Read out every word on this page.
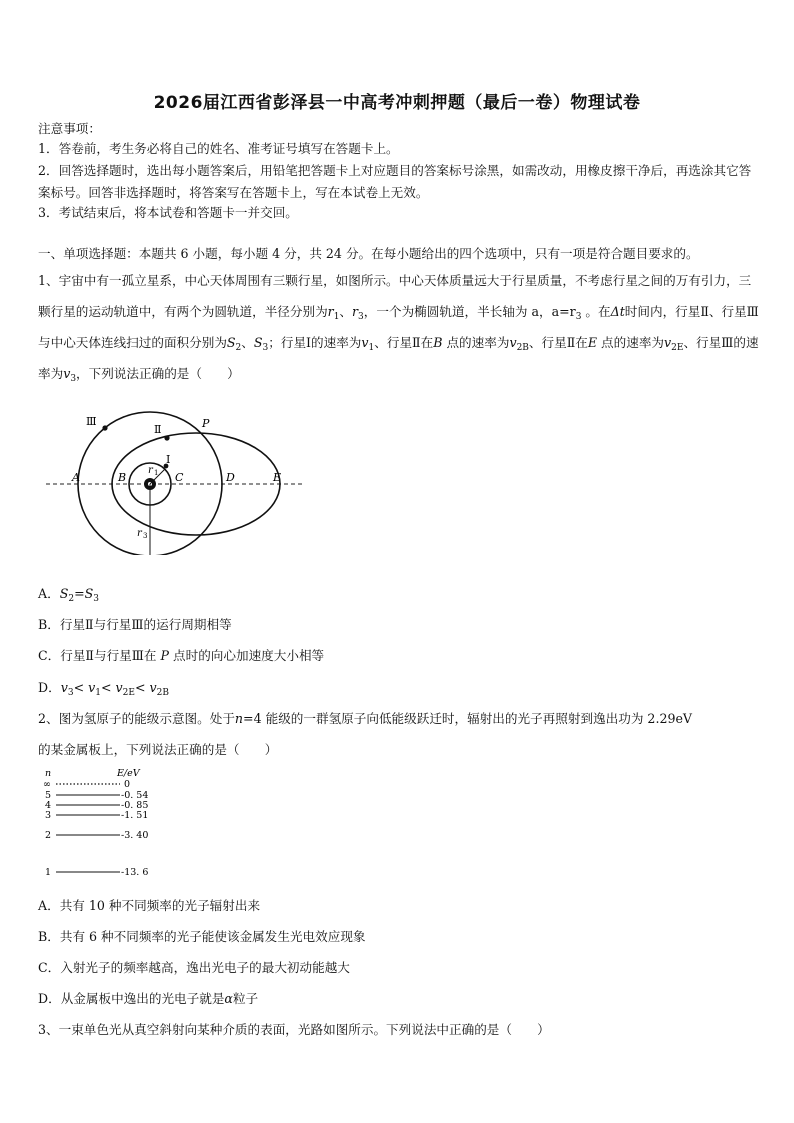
2026届江西省彭泽县一中高考冲刺押题（最后一卷）物理试卷
注意事项：
1．答卷前，考生务必将自己的姓名、准考证号填写在答题卡上。
2．回答选择题时，选出每小题答案后，用铅笔把答题卡上对应题目的答案标号涂黑，如需改动，用橡皮擦干净后，再选涂其它答案标号。回答非选择题时，将答案写在答题卡上，写在本试卷上无效。
3．考试结束后，将本试卷和答题卡一并交回。
一、单项选择题：本题共 6 小题，每小题 4 分，共 24 分。在每小题给出的四个选项中，只有一项是符合题目要求的。
1、宇宙中有一孤立星系，中心天体周围有三颗行星，如图所示。中心天体质量远大于行星质量，不考虑行星之间的万有引力，三颗行星的运动轨道中，有两个为圆轨道，半径分别为$r_1$、$r_3$，一个为椭圆轨道，半长轴为 a，$a=r_3$ 。在Δt时间内，行星Ⅱ、行星Ⅲ与中心天体连线扫过的面积分别为$S_2$、$S_3$；行星Ⅰ的速率为$v_1$、行星Ⅱ在B 点的速率为$v_{2B}$、行星Ⅱ在E 点的速率为$v_{2E}$、行星Ⅲ的速率为$v_3$，下列说法正确的是（　　）
Ⅲ
Ⅱ	P
I
r 1
A	B	C	D	E
r 3
A．$S_2=S_3$
B．行星Ⅱ与行星Ⅲ的运行周期相等
C．行星Ⅱ与行星Ⅲ在 P 点时的向心加速度大小相等
D．$v_3< v_1< v_{2E}< v_{2B}$
2、图为氢原子的能级示意图。处于n=4 能级的一群氢原子向低能级跃迁时，辐射出的光子再照射到逸出功为 2.29eV
的某金属板上，下列说法正确的是（　　）
n	E/eV
∞	0
5	-0. 54
4	-0. 85
3	-1. 51
2	-3. 40
1	-13. 6
A．共有 10 种不同频率的光子辐射出来
B．共有 6 种不同频率的光子能使该金属发生光电效应现象
C．入射光子的频率越高，逸出光电子的最大初动能越大
D．从金属板中逸出的光电子就是α粒子
3、一束单色光从真空斜射向某种介质的表面，光路如图所示。下列说法中正确的是（　　）
